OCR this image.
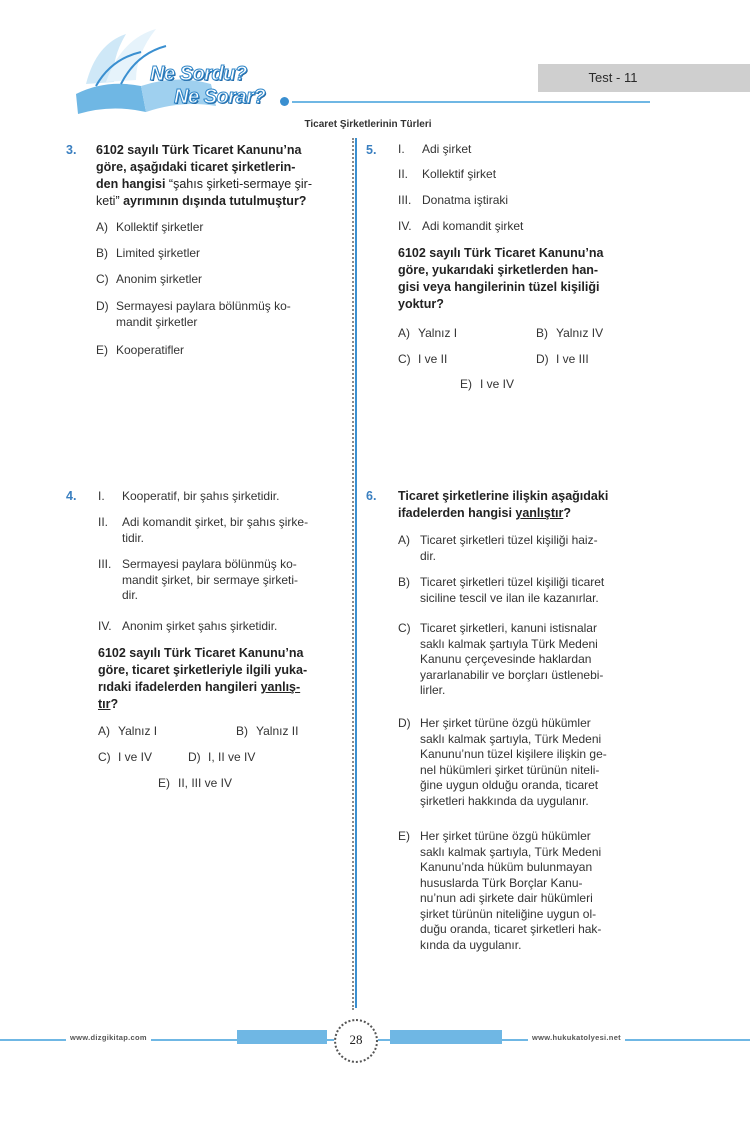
Ne Sordu?
Ne Sorar?
Test - 11
Ticaret Şirketlerinin Türleri
3. 6102 sayılı Türk Ticaret Kanunu’na
göre, aşağıdaki ticaret şirketlerin-
den hangisi “şahıs şirketi-sermaye şir-
keti” ayrımının dışında tutulmuştur?
A) Kollektif şirketler
B) Limited şirketler
C) Anonim şirketler
D) Sermayesi paylara bölünmüş ko-
mandit şirketler
E) Kooperatifler
5. I. Adi şirket
II. Kollektif şirket
III. Donatma iştiraki
IV. Adi komandit şirket
6102 sayılı Türk Ticaret Kanunu’na
göre, yukarıdaki şirketlerden han-
gisi veya hangilerinin tüzel kişiliği
yoktur?
A) Yalnız I	B) Yalnız IV
C) I ve II	D) I ve III
E) I ve IV
4. I.	Kooperatif, bir şahıs şirketidir.
II.	Adi komandit şirket, bir şahıs şirke-
tidir.
III. Sermayesi paylara bölünmüş ko-
mandit şirket, bir sermaye şirketi-
dir.
IV. Anonim şirket şahıs şirketidir.
6102 sayılı Türk Ticaret Kanunu’na
göre, ticaret şirketleriyle ilgili yuka-
rıdaki ifadelerden hangileri yanlış-
tır?
A) Yalnız I	B) Yalnız II
C) I ve IV	D) I, II ve IV
E) II, III ve IV
6. Ticaret şirketlerine ilişkin aşağıdaki
ifadelerden hangisi yanlıştır?
A) Ticaret şirketleri tüzel kişiliği haiz-
dir.
B) Ticaret şirketleri tüzel kişiliği ticaret
siciline tescil ve ilan ile kazanırlar.
C) Ticaret şirketleri, kanuni istisnalar
saklı kalmak şartıyla Türk Medeni
Kanunu çerçevesinde haklardan
yararlanabilir ve borçları üstlenebi-
lirler.
D) Her şirket türüne özgü hükümler
saklı kalmak şartıyla, Türk Medeni
Kanunu’nun tüzel kişilere ilişkin ge-
nel hükümleri şirket türünün niteli-
ğine uygun olduğu oranda, ticaret
şirketleri hakkında da uygulanır.
E) Her şirket türüne özgü hükümler
saklı kalmak şartıyla, Türk Medeni
Kanunu’nda hüküm bulunmayan
hususlarda Türk Borçlar Kanu-
nu’nun adi şirkete dair hükümleri
şirket türünün niteliğine uygun ol-
duğu oranda, ticaret şirketleri hak-
kında da uygulanır.
www.dizgikitap.com	www.hukukatolyesi.net
28
